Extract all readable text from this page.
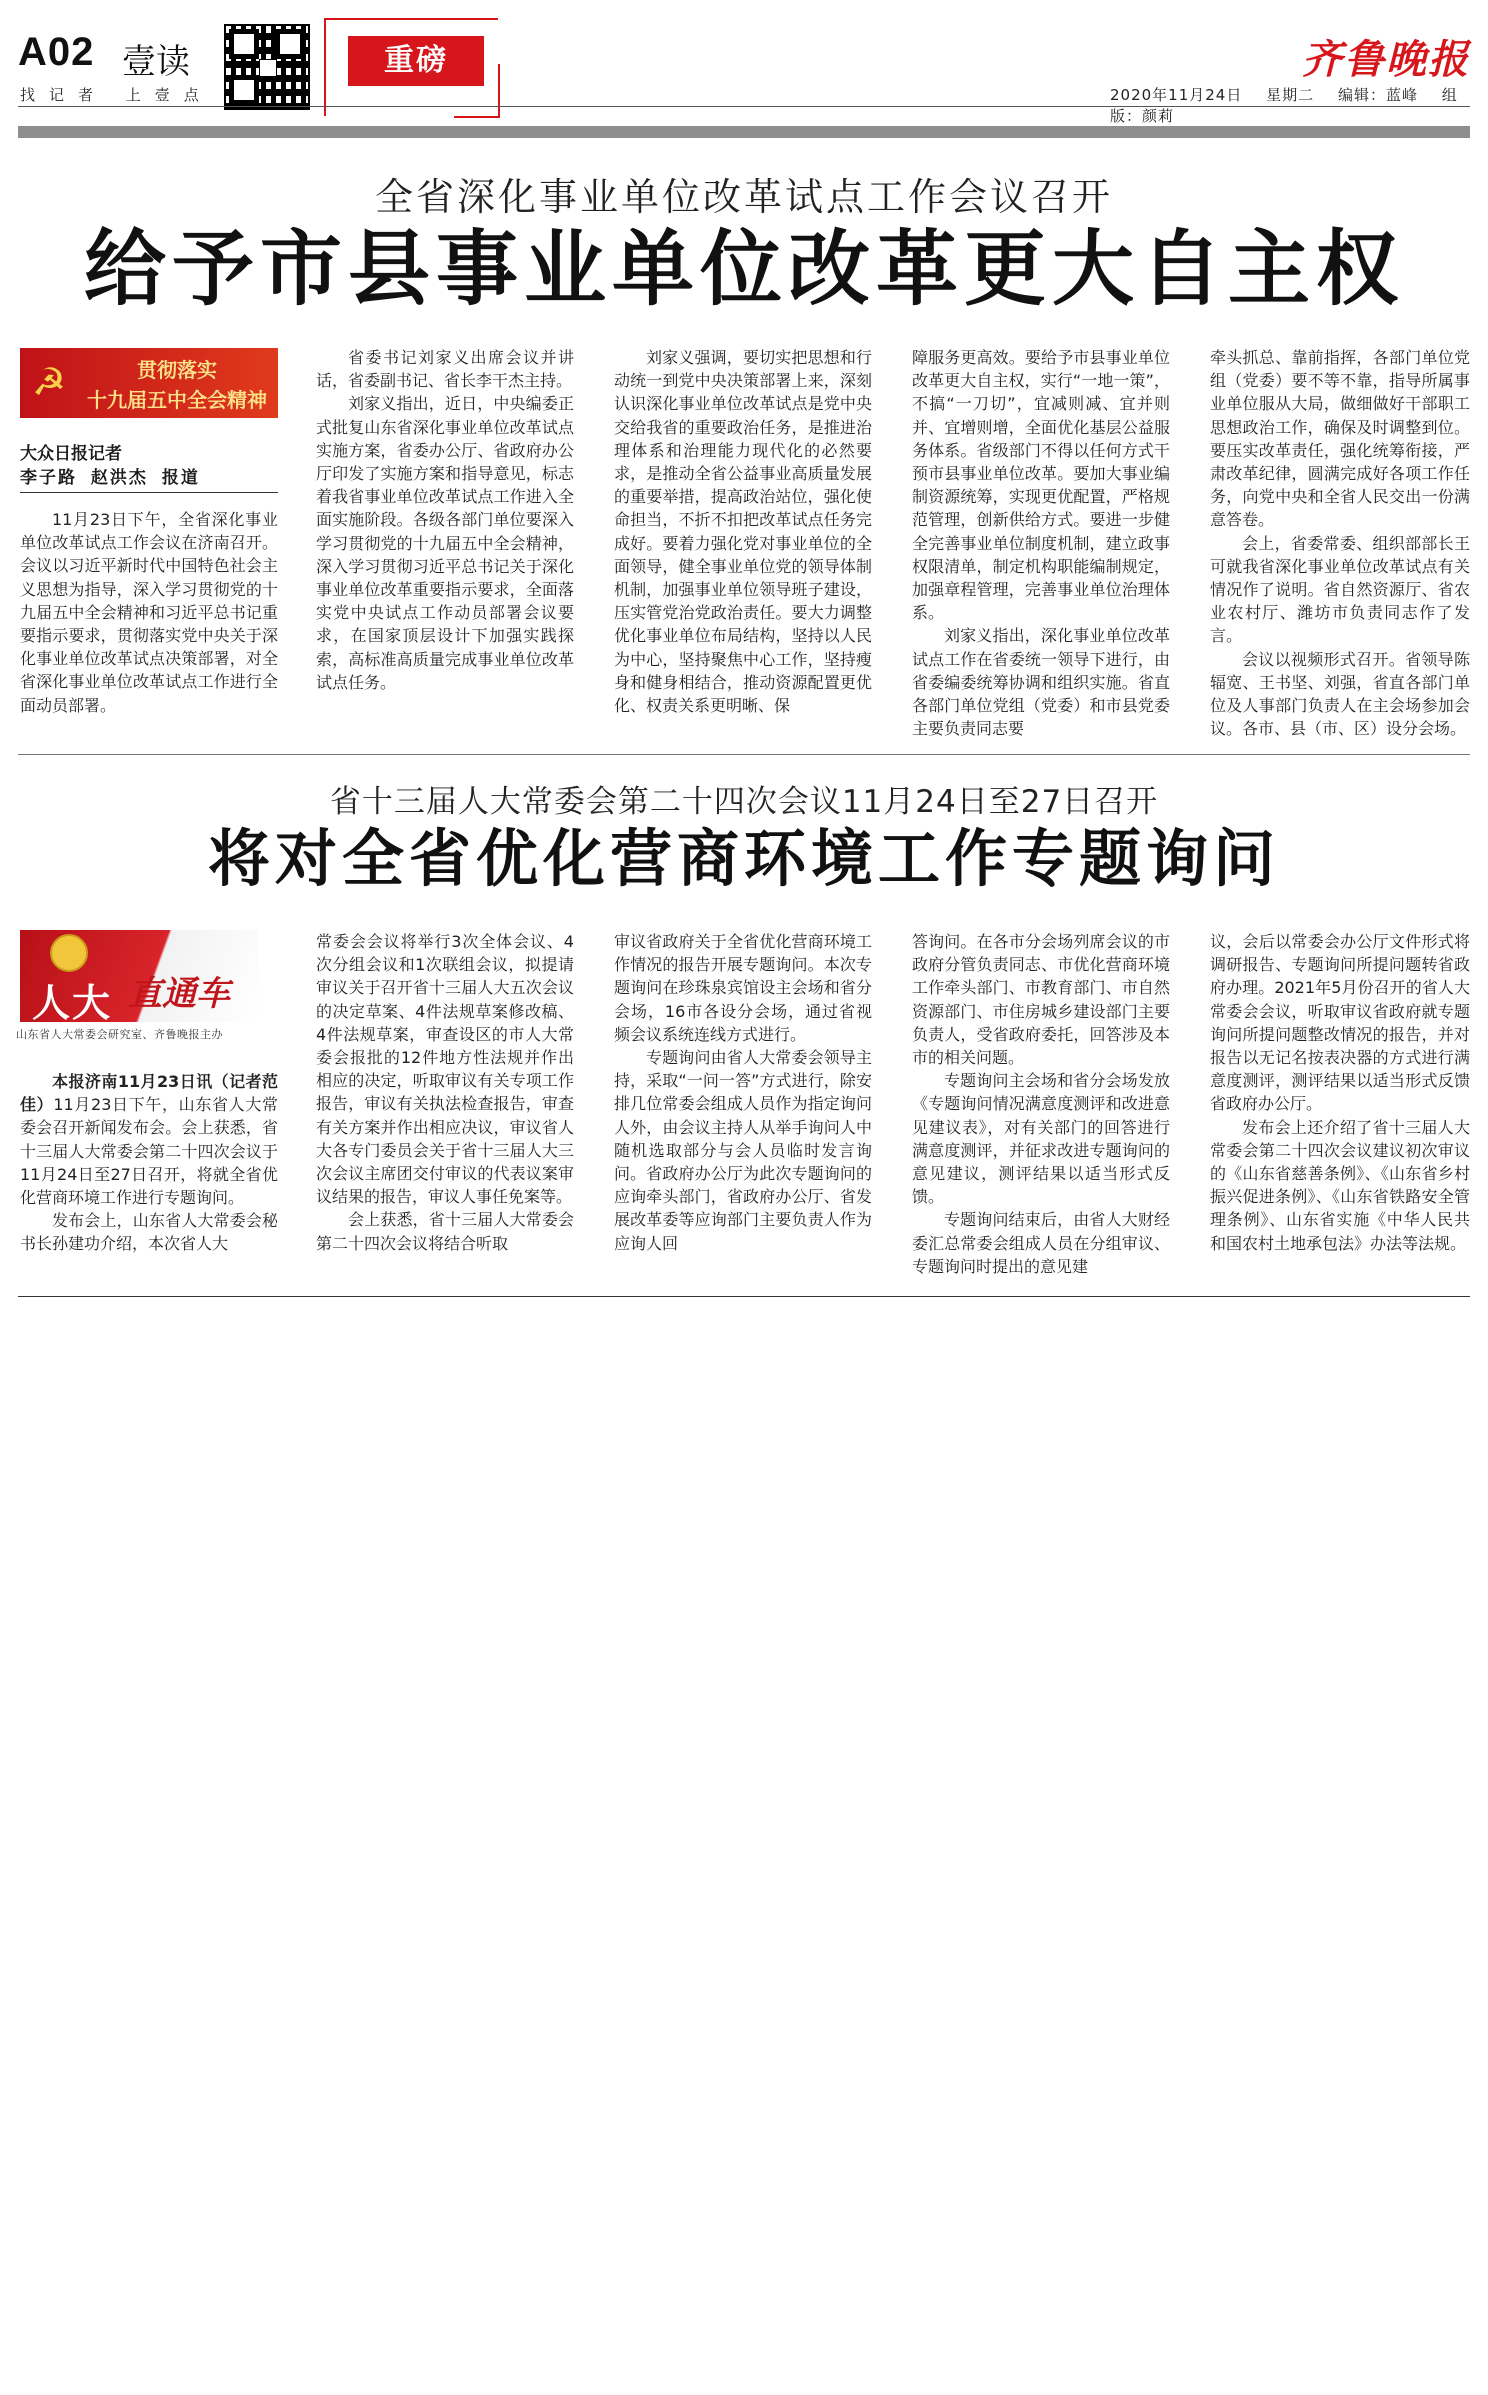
A02 壹读
找记者 上壹点
重磅	齐鲁晚报
2020年11月24日 星期二 编辑：蓝峰 组版：颜莉
全省深化事业单位改革试点工作会议召开
给予市县事业单位改革更大自主权
☭	贯彻落实
十九届五中全会精神
大众日报记者
李子路 赵洪杰 报道

11月23日下午，全省深化事业单位改革试点工作会议在济南召开。会议以习近平新时代中国特色社会主义思想为指导，深入学习贯彻党的十九届五中全会精神和习近平总书记重要指示要求，贯彻落实党中央关于深化事业单位改革试点决策部署，对全省深化事业单位改革试点工作进行全面动员部署。

省委书记刘家义出席会议并讲话，省委副书记、省长李干杰主持。

刘家义指出，近日，中央编委正式批复山东省深化事业单位改革试点实施方案，省委办公厅、省政府办公厅印发了实施方案和指导意见，标志着我省事业单位改革试点工作进入全面实施阶段。各级各部门单位要深入学习贯彻党的十九届五中全会精神，深入学习贯彻习近平总书记关于深化事业单位改革重要指示要求，全面落实党中央试点工作动员部署会议要求，在国家顶层设计下加强实践探索，高标准高质量完成事业单位改革试点任务。

刘家义强调，要切实把思想和行动统一到党中央决策部署上来，深刻认识深化事业单位改革试点是党中央交给我省的重要政治任务，是推进治理体系和治理能力现代化的必然要求，是推动全省公益事业高质量发展的重要举措，提高政治站位，强化使命担当，不折不扣把改革试点任务完成好。要着力强化党对事业单位的全面领导，健全事业单位党的领导体制机制，加强事业单位领导班子建设，压实管党治党政治责任。要大力调整优化事业单位布局结构，坚持以人民为中心，坚持聚焦中心工作，坚持瘦身和健身相结合，推动资源配置更优化、权责关系更明晰、保

障服务更高效。要给予市县事业单位改革更大自主权，实行“一地一策”，不搞“一刀切”，宜减则减、宜并则并、宜增则增，全面优化基层公益服务体系。省级部门不得以任何方式干预市县事业单位改革。要加大事业编制资源统筹，实现更优配置，严格规范管理，创新供给方式。要进一步健全完善事业单位制度机制，建立政事权限清单，制定机构职能编制规定，加强章程管理，完善事业单位治理体系。

刘家义指出，深化事业单位改革试点工作在省委统一领导下进行，由省委编委统筹协调和组织实施。省直各部门单位党组（党委）和市县党委主要负责同志要

牵头抓总、靠前指挥，各部门单位党组（党委）要不等不靠，指导所属事业单位服从大局，做细做好干部职工思想政治工作，确保及时调整到位。要压实改革责任，强化统筹衔接，严肃改革纪律，圆满完成好各项工作任务，向党中央和全省人民交出一份满意答卷。

会上，省委常委、组织部部长王可就我省深化事业单位改革试点有关情况作了说明。省自然资源厅、省农业农村厅、潍坊市负责同志作了发言。

会议以视频形式召开。省领导陈辐宽、王书坚、刘强，省直各部门单位及人事部门负责人在主会场参加会议。各市、县（市、区）设分会场。

省十三届人大常委会第二十四次会议11月24日至27日召开
将对全省优化营商环境工作专题询问
人大 直通车
山东省人大常委会研究室、齐鲁晚报主办

本报济南11月23日讯（记者范佳）11月23日下午，山东省人大常委会召开新闻发布会。会上获悉，省十三届人大常委会第二十四次会议于11月24日至27日召开，将就全省优化营商环境工作进行专题询问。

发布会上，山东省人大常委会秘书长孙建功介绍，本次省人大

常委会会议将举行3次全体会议、4次分组会议和1次联组会议，拟提请审议关于召开省十三届人大五次会议的决定草案、4件法规草案修改稿、4件法规草案，审查设区的市人大常委会报批的12件地方性法规并作出相应的决定，听取审议有关专项工作报告，审议有关执法检查报告，审查有关方案并作出相应决议，审议省人大各专门委员会关于省十三届人大三次会议主席团交付审议的代表议案审议结果的报告，审议人事任免案等。

会上获悉，省十三届人大常委会第二十四次会议将结合听取

审议省政府关于全省优化营商环境工作情况的报告开展专题询问。本次专题询问在珍珠泉宾馆设主会场和省分会场，16市各设分会场，通过省视频会议系统连线方式进行。

专题询问由省人大常委会领导主持，采取“一问一答”方式进行，除安排几位常委会组成人员作为指定询问人外，由会议主持人从举手询问人中随机选取部分与会人员临时发言询问。省政府办公厅为此次专题询问的应询牵头部门，省政府办公厅、省发展改革委等应询部门主要负责人作为应询人回

答询问。在各市分会场列席会议的市政府分管负责同志、市优化营商环境工作牵头部门、市教育部门、市自然资源部门、市住房城乡建设部门主要负责人，受省政府委托，回答涉及本市的相关问题。

专题询问主会场和省分会场发放《专题询问情况满意度测评和改进意见建议表》，对有关部门的回答进行满意度测评，并征求改进专题询问的意见建议，测评结果以适当形式反馈。

专题询问结束后，由省人大财经委汇总常委会组成人员在分组审议、专题询问时提出的意见建

议，会后以常委会办公厅文件形式将调研报告、专题询问所提问题转省政府办理。2021年5月份召开的省人大常委会会议，听取审议省政府就专题询问所提问题整改情况的报告，并对报告以无记名按表决器的方式进行满意度测评，测评结果以适当形式反馈省政府办公厅。

发布会上还介绍了省十三届人大常委会第二十四次会议建议初次审议的《山东省慈善条例》、《山东省乡村振兴促进条例》、《山东省铁路安全管理条例》、山东省实施《中华人民共和国农村土地承包法》办法等法规。
